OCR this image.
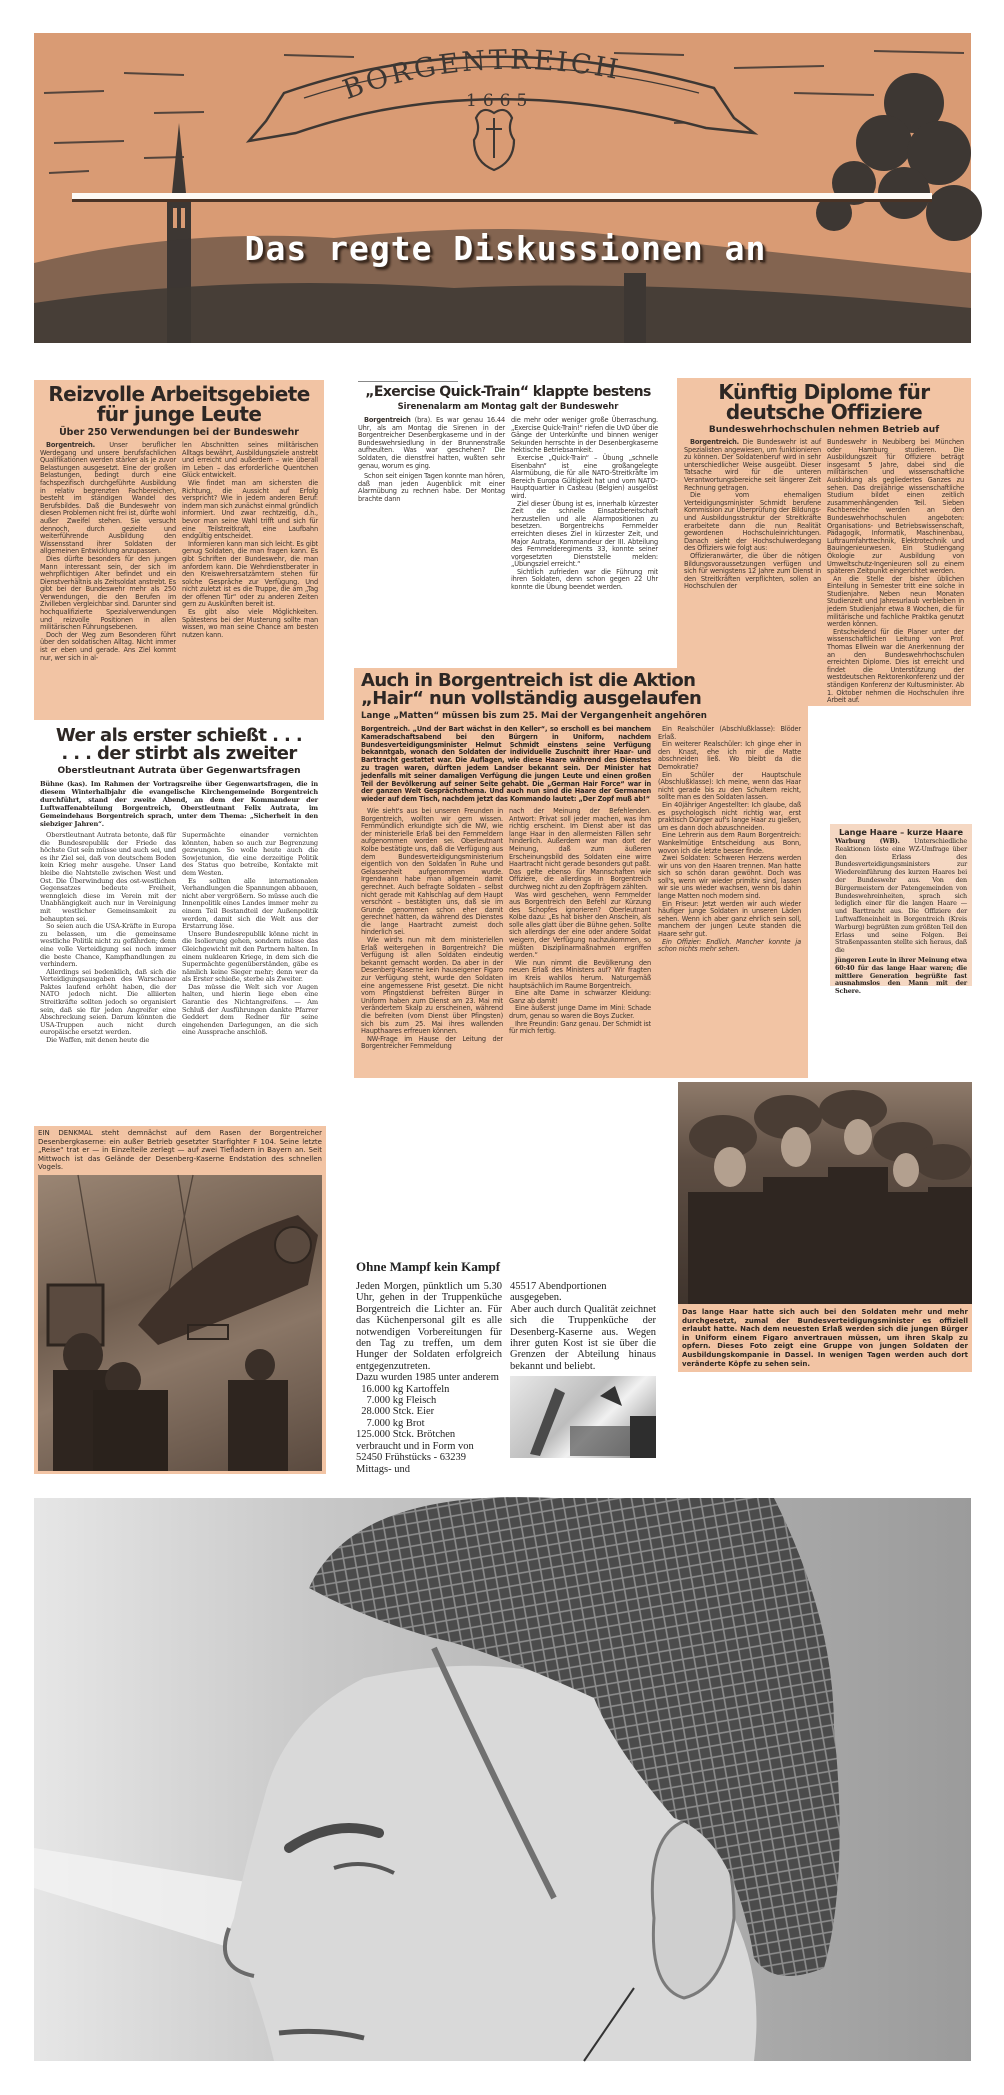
BORGENTREICH
1665
Das regte Diskussionen an
Reizvolle Arbeitsgebiete
für junge Leute
Über 250 Verwendungen bei der Bundeswehr

Borgentreich. Unser beruflicher Werdegang und unsere berufsfachlichen Qualifikationen werden stärker als je zuvor Belastungen ausgesetzt. Eine der großen Belastungen, bedingt durch eine fachspezifisch durchgeführte Ausbildung in relativ begrenzten Fachbereichen, besteht im ständigen Wandel des Berufsbildes. Daß die Bundeswehr von diesen Problemen nicht frei ist, dürfte wohl außer Zweifel stehen. Sie versucht dennoch, durch gezielte und weiterführende Ausbildung den Wissensstand ihrer Soldaten der allgemeinen Entwicklung anzupassen.

Dies dürfte besonders für den jungen Mann interessant sein, der sich im wehrpflichtigen Alter befindet und ein Dienstverhältnis als Zeitsoldat anstrebt. Es gibt bei der Bundeswehr mehr als 250 Verwendungen, die den Berufen im Zivilleben vergleichbar sind. Darunter sind hochqualifizierte Spezialverwendungen und reizvolle Positionen in allen militärischen Führungsebenen.

Doch der Weg zum Besonderen führt über den soldatischen Alltag. Nicht immer ist er eben und gerade. Ans Ziel kommt nur, wer sich in al-

len Abschnitten seines militärischen Alltags bewährt, Ausbildungsziele anstrebt und erreicht und außerdem – wie überall im Leben – das erforderliche Quentchen Glück entwickelt.

Wie findet man am sichersten die Richtung, die Aussicht auf Erfolg verspricht? Wie in jedem anderen Beruf: indem man sich zunächst einmal gründlich informiert. Und zwar rechtzeitig, d.h., bevor man seine Wahl trifft und sich für eine Teilstreitkraft, eine Laufbahn endgültig entscheidet.

Informieren kann man sich leicht. Es gibt genug Soldaten, die man fragen kann. Es gibt Schriften der Bundeswehr, die man anfordern kann. Die Wehrdienstberater in den Kreiswehrersatzämtern stehen für solche Gespräche zur Verfügung. Und nicht zuletzt ist es die Truppe, die am „Tag der offenen Tür“ oder zu anderen Zeiten gern zu Auskünften bereit ist.

Es gibt also viele Möglichkeiten. Spätestens bei der Musterung sollte man wissen, wo man seine Chance am besten nutzen kann.

„Exercise Quick-Train“ klappte bestens
Sirenenalarm am Montag galt der Bundeswehr

Borgentreich (bra). Es war genau 16.44 Uhr, als am Montag die Sirenen in der Borgentreicher Desenbergkaserne und in der Bundeswehrsiedlung in der Brunnenstraße aufheulten. Was war geschehen? Die Soldaten, die dienstfrei hatten, wußten sehr genau, worum es ging.

Schon seit einigen Tagen konnte man hören, daß man jeden Augenblick mit einer Alarmübung zu rechnen habe. Der Montag brachte dann

die mehr oder weniger große Überraschung. „Exercise Quick-Train!“ riefen die UvD über die Gänge der Unterkünfte und binnen weniger Sekunden herrschte in der Desenbergkaserne hektische Betriebsamkeit.

Exercise „Quick-Train“ – Übung „schnelle Eisenbahn“ ist eine großangelegte Alarmübung, die für alle NATO-Streitkräfte im Bereich Europa Gültigkeit hat und vom NATO-Hauptquartier in Casteau (Belgien) ausgelöst wird.

Ziel dieser Übung ist es, innerhalb kürzester Zeit die schnelle Einsatzbereitschaft herzustellen und alle Alarmpositionen zu besetzen. Borgentreichs Fernmelder erreichten dieses Ziel in kürzester Zeit, und Major Autrata, Kommandeur der III. Abteilung des Fernmelderegiments 33, konnte seiner vorgesetzten Dienststelle melden: „Übungsziel erreicht.“

Sichtlich zufrieden war die Führung mit ihren Soldaten, denn schon gegen 22 Uhr konnte die Übung beendet werden.

Künftig Diplome für
deutsche Offiziere
Bundeswehrhochschulen nehmen Betrieb auf

Borgentreich. Die Bundeswehr ist auf Spezialisten angewiesen, um funktionieren zu können. Der Soldatenberuf wird in sehr unterschiedlicher Weise ausgeübt. Dieser Tatsache wird für die unteren Verantwortungsbereiche seit längerer Zeit Rechnung getragen.

Die vom ehemaligen Verteidigungsminister Schmidt berufene Kommission zur Überprüfung der Bildungs- und Ausbildungsstruktur der Streitkräfte erarbeitete dann die nun Realität gewordenen Hochschuleinrichtungen. Danach sieht der Hochschulwerdegang des Offiziers wie folgt aus:

Offizieranwärter, die über die nötigen Bildungsvoraussetzungen verfügen und sich für wenigstens 12 Jahre zum Dienst in den Streitkräften verpflichten, sollen an Hochschulen der

Bundeswehr in Neubiberg bei München oder Hamburg studieren. Die Ausbildungszeit für Offiziere beträgt insgesamt 5 Jahre, dabei sind die militärischen und wissenschaftliche Ausbildung als gegliedertes Ganzes zu sehen. Das dreijährige wissenschaftliche Studium bildet einen zeitlich zusammenhängenden Teil. Sieben Fachbereiche werden an den Bundeswehrhochschulen angeboten: Organisations- und Betriebswissenschaft, Pädagogik, Informatik, Maschinenbau, Luftraumfahrttechnik, Elektrotechnik und Bauingenieurwesen. Ein Studiengang Ökologie zur Ausbildung von Umweltschutz-Ingenieuren soll zu einem späteren Zeitpunkt eingerichtet werden.

An die Stelle der bisher üblichen Einteilung in Semester tritt eine solche in Studienjahre. Neben neun Monaten Studienzeit und Jahresurlaub verbleiben in jedem Studienjahr etwa 8 Wochen, die für militärische und fachliche Praktika genutzt werden können.

Entscheidend für die Planer unter der wissenschaftlichen Leitung von Prof. Thomas Ellwein war die Anerkennung der an den Bundeswehrhochschulen erreichten Diplome. Dies ist erreicht und findet die Unterstützung der westdeutschen Rektorenkonferenz und der ständigen Konferenz der Kultusminister. Ab 1. Oktober nehmen die Hochschulen ihre Arbeit auf.

Wer als erster schießt . . .
. . . der stirbt als zweiter
Oberstleutnant Autrata über Gegenwartsfragen
Bühne (kas). Im Rahmen der Vortragsreihe über Gegenwartsfragen, die in diesem Winterhalbjahr die evangelische Kirchengemeinde Borgentreich durchführt, stand der zweite Abend, an dem der Kommandeur der Luftwaffenabteilung Borgentreich, Oberstleutnant Felix Autrata, im Gemeindehaus Borgentreich sprach, unter dem Thema: „Sicherheit in den siebziger Jahren“.

Oberstleutnant Autrata betonte, daß für die Bundesrepublik der Friede das höchste Gut sein müsse und auch sei, und es ihr Ziel sei, daß von deutschem Boden kein Krieg mehr ausgehe. Unser Land bleibe die Nahtstelle zwischen West und Ost. Die Überwindung des ost-westlichen Gegensatzes bedeute Freiheit, wenngleich diese im Verein mit der Unabhängigkeit auch nur in Vereinigung mit westlicher Gemeinsamkeit zu behaupten sei.

So seien auch die USA-Kräfte in Europa zu belassen, um die gemeinsame westliche Politik nicht zu gefährden; denn eine volle Verteidigung sei noch immer die beste Chance, Kampfhandlungen zu verhindern.

Allerdings sei bedenklich, daß sich die Verteidigungsausgaben des Warschauer Paktes laufend erhöht haben, die der NATO jedoch nicht. Die alliierten Streitkräfte sollten jedoch so organisiert sein, daß sie für jeden Angreifer eine Abschreckung seien. Darum könnten die USA-Truppen auch nicht durch europäische ersetzt werden.

Die Waffen, mit denen heute die

Supermächte einander vernichten könnten, haben so auch zur Begrenzung gezwungen. So wolle heute auch die Sowjetunion, die eine derzeitige Politik des Status quo betreibe, Kontakte mit dem Westen.

Es sollten alle internationalen Verhandlungen die Spannungen abbauen, nicht aber vergrößern. So müsse auch die Innenpolitik eines Landes immer mehr zu einem Teil Bestandteil der Außenpolitik werden, damit sich die Welt aus der Erstarrung löse.

Unsere Bundesrepublik könne nicht in die Isolierung gehen, sondern müsse das Gleichgewicht mit den Partnern halten. In einem nuklearen Kriege, in dem sich die Supermächte gegenüberständen, gäbe es nämlich keine Sieger mehr; denn wer da als Erster schieße, sterbe als Zweiter.

Das müsse die Welt sich vor Augen halten, und hierin liege eben eine Garantie des Nichtangreifens. — Am Schluß der Ausführungen dankte Pfarrer Geddert dem Redner für seine eingehenden Darlegungen, an die sich eine Aussprache anschloß.

EIN DENKMAL steht demnächst auf dem Rasen der Borgentreicher Desenbergkaserne: ein außer Betrieb gesetzter Starfighter F 104. Seine letzte „Reise“ trat er — in Einzelteile zerlegt — auf zwei Tiefladern in Bayern an. Seit Mittwoch ist das Gelände der Desenberg-Kaserne Endstation des schnellen Vogels.
Auch in Borgentreich ist die Aktion
„Hair“ nun vollständig ausgelaufen
Lange „Matten“ müssen bis zum 25. Mai der Vergangenheit angehören
Borgentreich. „Und der Bart wächst in den Keller“, so erscholl es bei manchem Kameradschaftsabend bei den Bürgern in Uniform, nachdem Bundesverteidigungsminister Helmut Schmidt einstens seine Verfügung bekanntgab, wonach den Soldaten der individuelle Zuschnitt ihrer Haar- und Barttracht gestattet war. Die Auflagen, wie diese Haare während des Dienstes zu tragen waren, dürften jedem Landser bekannt sein. Der Minister hat jedenfalls mit seiner damaligen Verfügung die jungen Leute und einen großen Teil der Bevölkerung auf seiner Seite gehabt. Die „German Hair Force“ war in der ganzen Welt Gesprächsthema. Und auch nun sind die Haare der Germanen wieder auf dem Tisch, nachdem jetzt das Kommando lautet: „Der Zopf muß ab!“

Wie sieht's aus bei unseren Freunden in Borgentreich, wollten wir gern wissen. Fernmündlich erkundigte sich die NW, wie der ministerielle Erlaß bei den Fernmeldern aufgenommen worden sei. Oberleutnant Kolbe bestätigte uns, daß die Verfügung aus dem Bundesverteidigungsministerium eigentlich von den Soldaten in Ruhe und Gelassenheit aufgenommen wurde. Irgendwann habe man allgemein damit gerechnet. Auch befragte Soldaten – selbst nicht gerade mit Kahlschlag auf dem Haupt verschönt – bestätigten uns, daß sie im Grunde genommen schon eher damit gerechnet hätten, da während des Dienstes die lange Haartracht zumeist doch hinderlich sei.

Wie wird's nun mit dem ministeriellen Erlaß weitergehen in Borgentreich? Die Verfügung ist allen Soldaten eindeutig bekannt gemacht worden. Da aber in der Desenberg-Kaserne kein hauseigener Figaro zur Verfügung steht, wurde den Soldaten eine angemessene Frist gesetzt. Die nicht vom Pfingstdienst befreiten Bürger in Uniform haben zum Dienst am 23. Mai mit verändertem Skalp zu erscheinen, während die befreiten (vom Dienst über Pfingsten) sich bis zum 25. Mai ihres wallenden Haupthaares erfreuen können.

NW-Frage im Hause der Leitung der Borgentreicher Fernmeldung

nach der Meinung der Befehlenden. Antwort: Privat soll jeder machen, was ihm richtig erscheint. Im Dienst aber ist das lange Haar in den allermeisten Fällen sehr hinderlich. Außerdem war man dort der Meinung, daß zum äußeren Erscheinungsbild des Soldaten eine wirre Haartracht nicht gerade besonders gut paßt. Das gelte ebenso für Mannschaften wie Offiziere, die allerdings in Borgentreich durchweg nicht zu den Zopfträgern zählten.

Was wird geschehen, wenn Fernmelder aus Borgentreich den Befehl zur Kürzung des Schopfes ignorieren? Oberleutnant Kolbe dazu: „Es hat bisher den Anschein, als solle alles glatt über die Bühne gehen. Sollte sich allerdings der eine oder andere Soldat weigern, der Verfügung nachzukommen, so müßten Disziplinarmaßnahmen ergriffen werden.“

Wie nun nimmt die Bevölkerung den neuen Erlaß des Ministers auf? Wir fragten im Kreis wahllos herum. Naturgemäß hauptsächlich im Raume Borgentreich.

Eine alte Dame in schwarzer Kleidung: Ganz ab damit!

Eine äußerst junge Dame im Mini: Schade drum, genau so waren die Boys Zucker.

Ihre Freundin: Ganz genau. Der Schmidt ist für mich fertig.

Ein Realschüler (Abschlußklasse): Blöder Erlaß.

Ein weiterer Realschüler: Ich ginge eher in den Knast, ehe ich mir die Matte abschneiden ließ. Wo bleibt da die Demokratie?

Ein Schüler der Hauptschule (Abschlußklasse): Ich meine, wenn das Haar nicht gerade bis zu den Schultern reicht, sollte man es den Soldaten lassen.

Ein 40jähriger Angestellter: Ich glaube, daß es psychologisch nicht richtig war, erst praktisch Dünger auf's lange Haar zu gießen, um es dann doch abzuschneiden.

Eine Lehrerin aus dem Raum Borgentreich: Wankelmütige Entscheidung aus Bonn, wovon ich die letzte besser finde.

Zwei Soldaten: Schweren Herzens werden wir uns von den Haaren trennen. Man hatte sich so schön daran gewöhnt. Doch was soll's, wenn wir wieder primitiv sind, lassen wir sie uns wieder wachsen, wenn bis dahin lange Matten noch modern sind.

Ein Friseur: Jetzt werden wir auch wieder häufiger junge Soldaten in unseren Läden sehen. Wenn ich aber ganz ehrlich sein soll, manchem der jungen Leute standen die Haare sehr gut.

Ein Offizier: Endlich. Mancher konnte ja schon nichts mehr sehen.

Lange Haare – kurze Haare
Warburg (WB). Unterschiedliche Reaktionen löste eine WZ-Umfrage über den Erlass des Bundesverteidigungsministers zur Wiedereinführung des kurzen Haares bei der Bundeswehr aus. Von den Bürgermeistern der Patengemeinden von Bundeswehreinheiten, sprach sich lediglich einer für die langen Haare — und Barttracht aus. Die Offiziere der Luftwaffeneinheit in Borgentreich (Kreis Warburg) begrüßten zum größten Teil den Erlass und seine Folgen. Bei Straßenpassanten stellte sich heraus, daß die
jüngeren Leute in ihrer Meinung etwa 60:40 für das lange Haar waren; die mittlere Generation begrüßte fast ausnahmslos den Mann mit der Schere.
Das lange Haar hatte sich auch bei den Soldaten mehr und mehr durchgesetzt, zumal der Bundesverteidigungsminister es offiziell erlaubt hatte. Nach dem neuesten Erlaß werden sich die jungen Bürger in Uniform einem Figaro anvertrauen müssen, um ihren Skalp zu opfern. Dieses Foto zeigt eine Gruppe von jungen Soldaten der Ausbildungskompanie in Dassel. In wenigen Tagen werden auch dort veränderte Köpfe zu sehen sein.
Ohne Mampf kein Kampf
Jeden Morgen, pünktlich um 5.30 Uhr, gehen in der Truppenküche Borgentreich die Lichter an. Für das Küchenpersonal gilt es alle notwendigen Vorbereitungen für den Tag zu treffen, um dem Hunger der Soldaten erfolgreich entgegenzutreten.
Dazu wurden 1985 unter anderem
16.000 kg Kartoffeln
7.000 kg Fleisch
28.000 Stck. Eier
7.000 kg Brot
125.000 Stck. Brötchen
verbraucht und in Form von 52450 Frühstücks - 63239 Mittags- und
45517 Abendportionen ausgegeben.
Aber auch durch Qualität zeichnet sich die Truppenküche der Desenberg-Kaserne aus. Wegen ihrer guten Kost ist sie über die Grenzen der Abteilung hinaus bekannt und beliebt.
